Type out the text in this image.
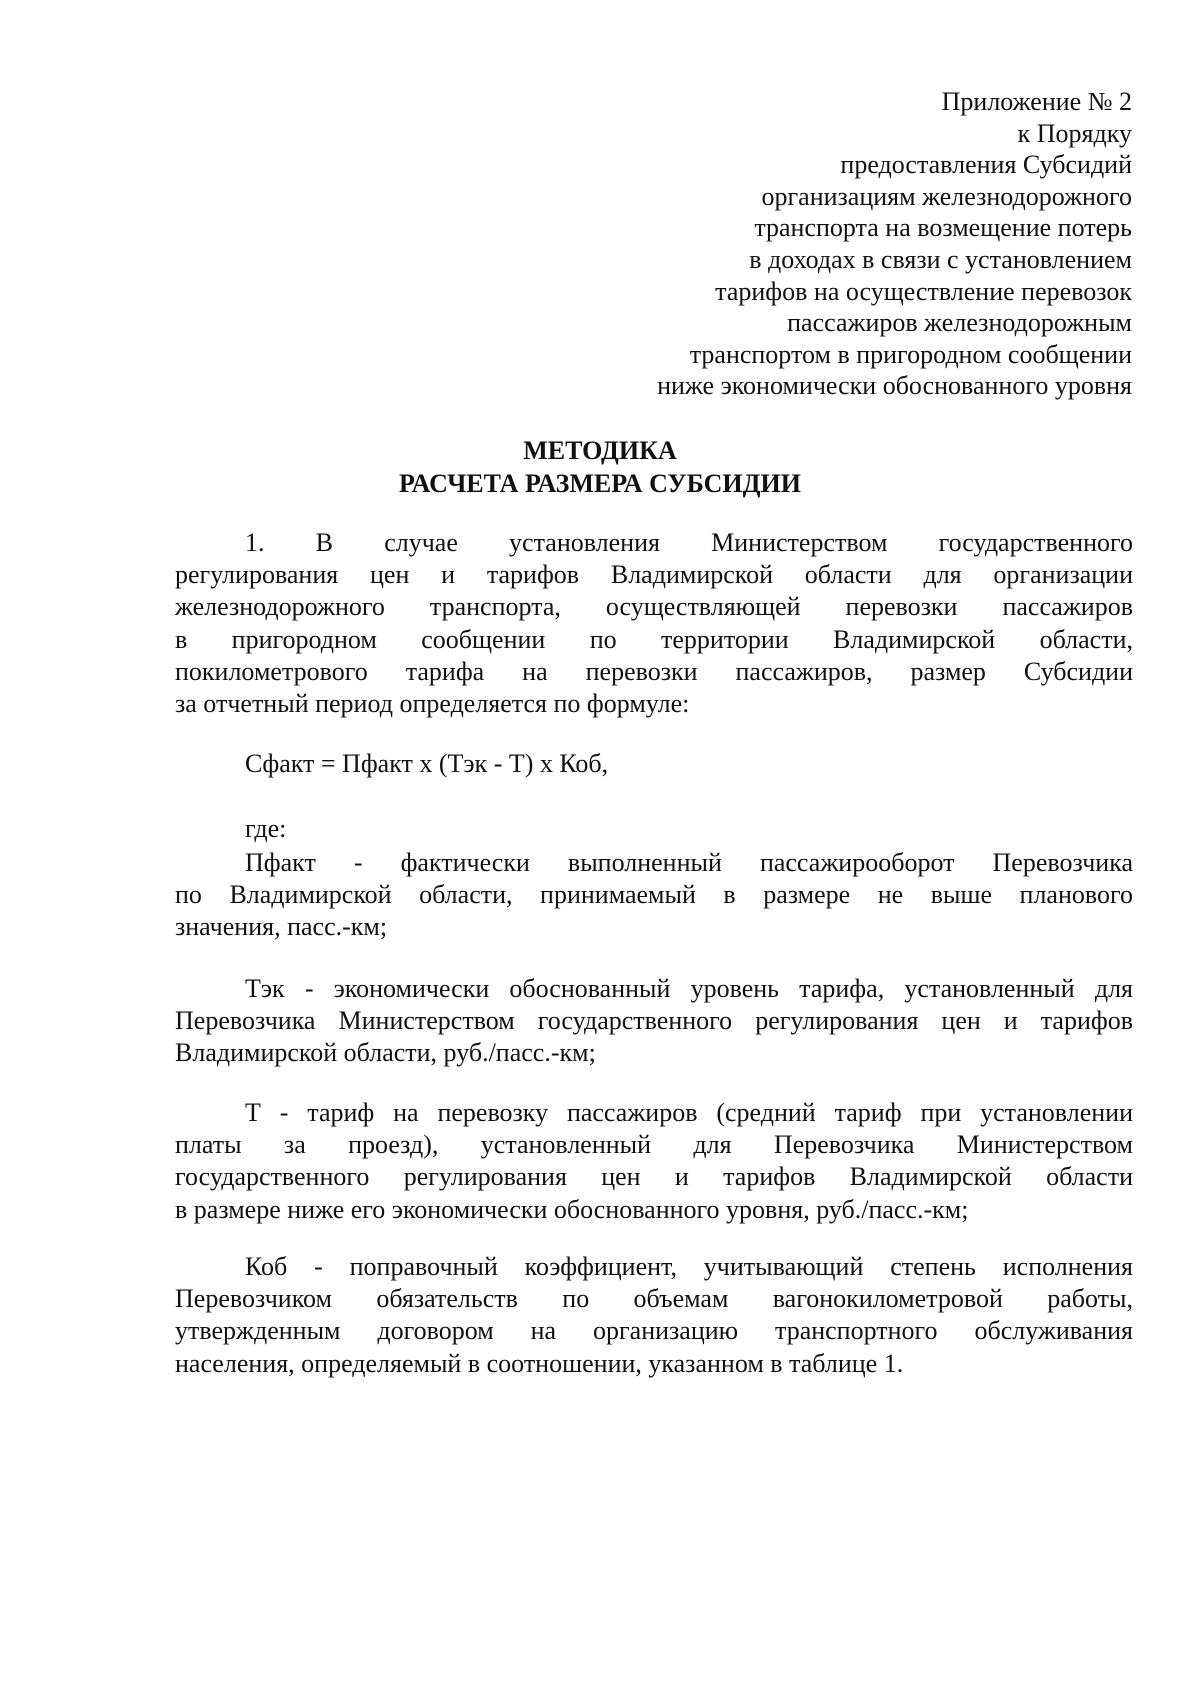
Приложение № 2
к Порядку
предоставления Субсидий
организациям железнодорожного
транспорта на возмещение потерь
в доходах в связи с установлением
тарифов на осуществление перевозок
пассажиров железнодорожным
транспортом в пригородном сообщении
ниже экономически обоснованного уровня
МЕТОДИКА
РАСЧЕТА РАЗМЕРА СУБСИДИИ
1. В случае установления Министерством государственного
регулирования цен и тарифов Владимирской области для организации
железнодорожного транспорта, осуществляющей перевозки пассажиров
в пригородном сообщении по территории Владимирской области,
покилометрового тарифа на перевозки пассажиров, размер Субсидии
за отчетный период определяется по формуле:
Сфакт = Пфакт х (Тэк - Т) х Коб,
где:
Пфакт - фактически выполненный пассажирооборот Перевозчика
по Владимирской области, принимаемый в размере не выше планового
значения, пасс.-км;
Тэк - экономически обоснованный уровень тарифа, установленный для
Перевозчика Министерством государственного регулирования цен и тарифов
Владимирской области, руб./пасс.-км;
Т - тариф на перевозку пассажиров (средний тариф при установлении
платы за проезд), установленный для Перевозчика Министерством
государственного регулирования цен и тарифов Владимирской области
в размере ниже его экономически обоснованного уровня, руб./пасс.-км;
Коб - поправочный коэффициент, учитывающий степень исполнения
Перевозчиком обязательств по объемам вагонокилометровой работы,
утвержденным договором на организацию транспортного обслуживания
населения, определяемый в соотношении, указанном в таблице 1.
